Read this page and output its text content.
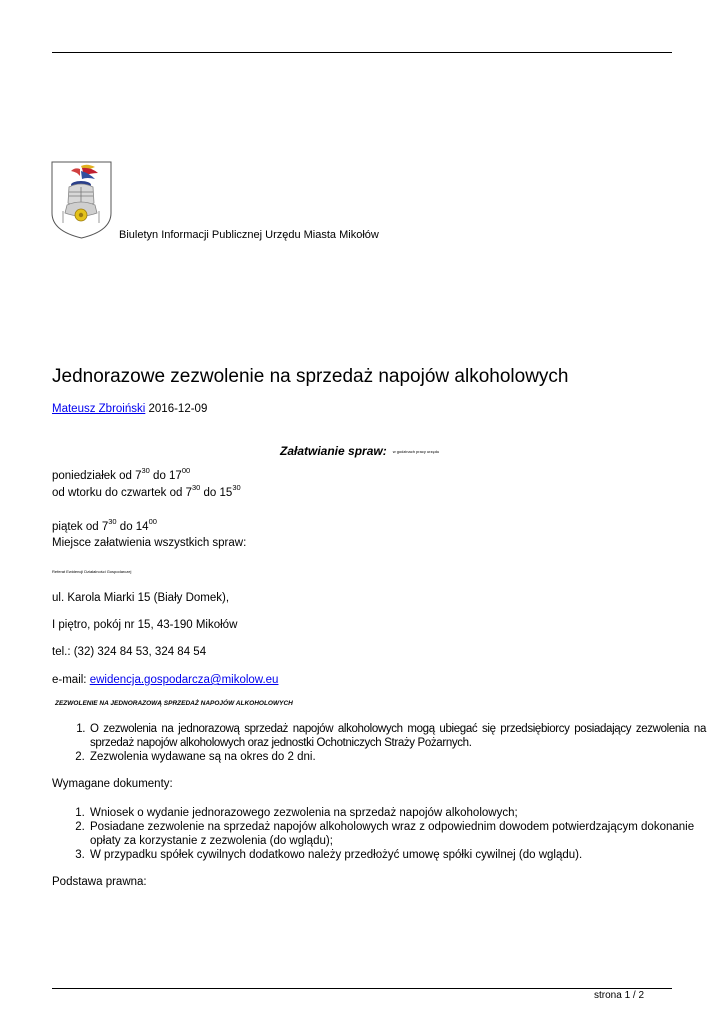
Biuletyn Informacji Publicznej Urzędu Miasta Mikołów
Jednorazowe zezwolenie na sprzedaż napojów alkoholowych
Mateusz Zbroiński 2016-12-09
Załatwianie spraw: w godzinach pracy urzędu
poniedziałek od $7^{30}$ do $17^{00}$
od wtorku do czwartek od $7^{30}$ do $15^{30}$
piątek od $7^{30}$ do $14^{00}$
Miejsce załatwienia wszystkich spraw:
Referat Ewidencji Działalności Gospodarczej
ul. Karola Miarki 15 (Biały Domek),
I piętro, pokój nr 15, 43-190 Mikołów
tel.: (32) 324 84 53, 324 84 54
e-mail: ewidencja.gospodarcza@mikolow.eu
ZEZWOLENIE NA JEDNORAZOWĄ SPRZEDAŻ NAPOJÓW ALKOHOLOWYCH
1. O zezwolenia na jednorazową sprzedaż napojów alkoholowych mogą ubiegać się przedsiębiorcy posiadający zezwolenia na sprzedaż napojów alkoholowych oraz jednostki Ochotniczych Straży Pożarnych.
2. Zezwolenia wydawane są na okres do 2 dni.
Wymagane dokumenty:
1. Wniosek o wydanie jednorazowego zezwolenia na sprzedaż napojów alkoholowych;
2. Posiadane zezwolenie na sprzedaż napojów alkoholowych wraz z odpowiednim dowodem potwierdzającym dokonanie opłaty za korzystanie z zezwolenia (do wglądu);
3. W przypadku spółek cywilnych dodatkowo należy przedłożyć umowę spółki cywilnej (do wglądu).
Podstawa prawna:
strona 1 / 2
